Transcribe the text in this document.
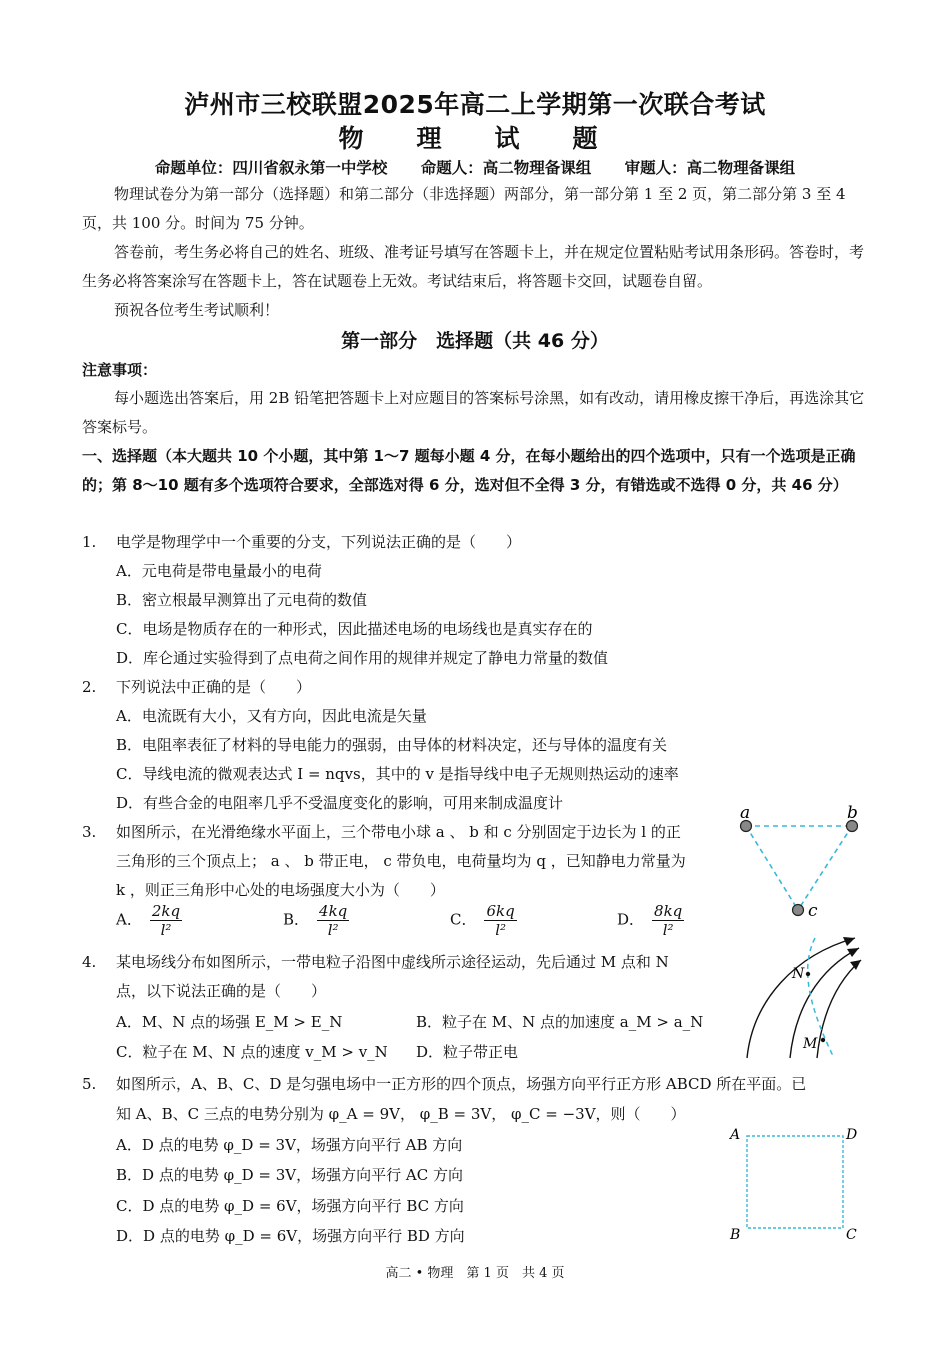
泸州市三校联盟2025年高二上学期第一次联合考试
物　理　试　题
命题单位：四川省叙永第一中学校 命题人：高二物理备课组 审题人：高二物理备课组
物理试卷分为第一部分（选择题）和第二部分（非选择题）两部分，第一部分第 1 至 2 页，第二部分第 3 至 4 页，共 100 分。时间为 75 分钟。
答卷前，考生务必将自己的姓名、班级、准考证号填写在答题卡上，并在规定位置粘贴考试用条形码。答卷时，考生务必将答案涂写在答题卡上，答在试题卷上无效。考试结束后，将答题卡交回，试题卷自留。
预祝各位考生考试顺利！
第一部分　选择题（共 46 分）
注意事项：
每小题选出答案后，用 2B 铅笔把答题卡上对应题目的答案标号涂黑，如有改动，请用橡皮擦干净后，再选涂其它答案标号。
一、选择题（本大题共 10 个小题，其中第 1～7 题每小题 4 分，在每小题给出的四个选项中，只有一个选项是正确的；第 8～10 题有多个选项符合要求，全部选对得 6 分，选对但不全得 3 分，有错选或不选得 0 分，共 46 分）
1.	电学是物理学中一个重要的分支，下列说法正确的是（　　）
A．元电荷是带电量最小的电荷
B．密立根最早测算出了元电荷的数值
C．电场是物质存在的一种形式，因此描述电场的电场线也是真实存在的
D．库仑通过实验得到了点电荷之间作用的规律并规定了静电力常量的数值
2.	下列说法中正确的是（　　）
A．电流既有大小，又有方向，因此电流是矢量
B．电阻率表征了材料的导电能力的强弱，由导体的材料决定，还与导体的温度有关
C．导线电流的微观表达式 I = nqvs，其中的 v 是指导线中电子无规则热运动的速率
D．有些合金的电阻率几乎不受温度变化的影响，可用来制成温度计
3.	如图所示，在光滑绝缘水平面上，三个带电小球 a 、 b 和 c 分别固定于边长为 l 的正
三角形的三个顶点上； a 、 b 带正电， c 带负电，电荷量均为 q ，已知静电力常量为
k ，则正三角形中心处的电场强度大小为（　　）
A． $\frac{2kq}{\text{l²}}$	B． $\frac{4kq}{\text{l²}}$	C． $\frac{6kq}{\text{l²}}$	D． $\frac{8kq}{\text{l²}}$
a	b
c
4.	某电场线分布如图所示，一带电粒子沿图中虚线所示途径运动，先后通过 M 点和 N
点，以下说法正确的是（　　）
A．M、N 点的场强 E_M > E_N	B．粒子在 M、N 点的加速度 a_M > a_N
C．粒子在 M、N 点的速度 v_M > v_N D．粒子带正电
N
M
5.	如图所示，A、B、C、D 是匀强电场中一正方形的四个顶点，场强方向平行正方形 ABCD 所在平面。已
知 A、B、C 三点的电势分别为 φ_A = 9V， φ_B = 3V， φ_C = −3V，则（　　）
A．D 点的电势 φ_D = 3V，场强方向平行 AB 方向
B．D 点的电势 φ_D = 3V，场强方向平行 AC 方向
C．D 点的电势 φ_D = 6V，场强方向平行 BC 方向
D．D 点的电势 φ_D = 6V，场强方向平行 BD 方向
A	D
B	C
高二 • 物理　第 1 页　共 4 页
